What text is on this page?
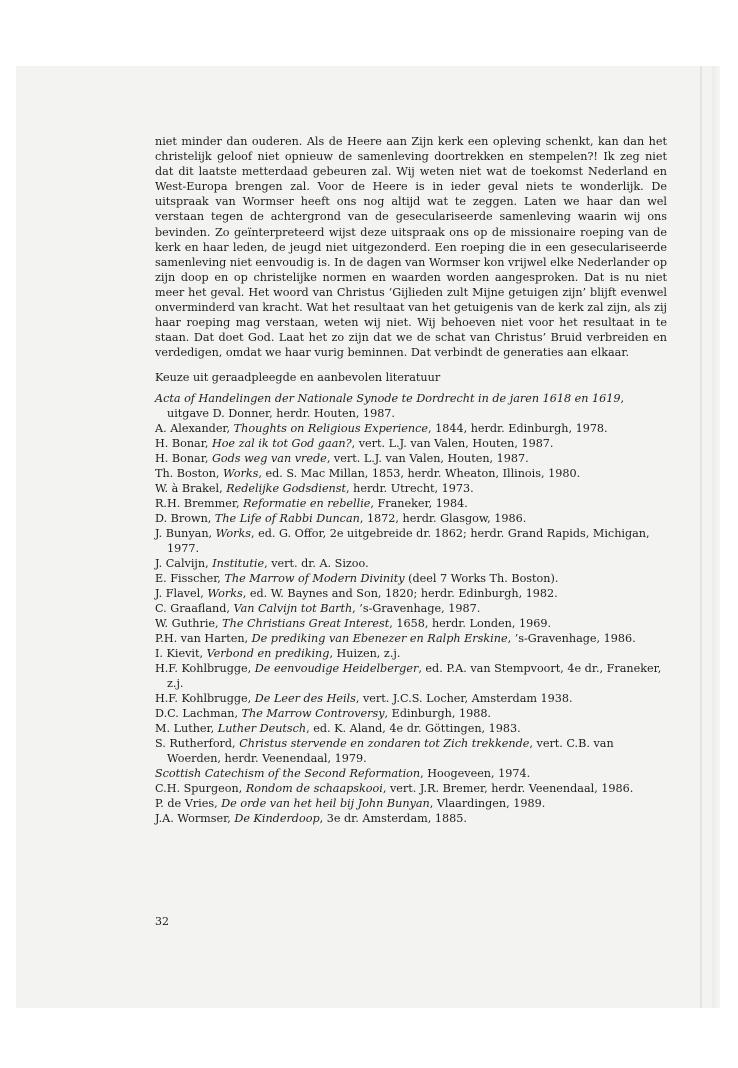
niet minder dan ouderen. Als de Heere aan Zijn kerk een opleving schenkt, kan dan het christelijk geloof niet opnieuw de samenleving doortrekken en stempelen?! Ik zeg niet dat dit laatste metterdaad gebeuren zal. Wij weten niet wat de toekomst Nederland en West-Europa brengen zal. Voor de Heere is in ieder geval niets te wonderlijk. De uitspraak van Wormser heeft ons nog altijd wat te zeggen. Laten we haar dan wel verstaan tegen de achtergrond van de geseculariseerde samenleving waarin wij ons bevinden. Zo geïnterpreteerd wijst deze uitspraak ons op de missionaire roeping van de kerk en haar leden, de jeugd niet uitgezonderd. Een roeping die in een geseculariseerde samenleving niet eenvoudig is. In de dagen van Wormser kon vrijwel elke Nederlander op zijn doop en op christelijke normen en waarden worden aangesproken. Dat is nu niet meer het geval. Het woord van Christus ‘Gijlieden zult Mijne getuigen zijn’ blijft evenwel onverminderd van kracht. Wat het resultaat van het getuigenis van de kerk zal zijn, als zij haar roeping mag verstaan, weten wij niet. Wij behoeven niet voor het resultaat in te staan. Dat doet God. Laat het zo zijn dat we de schat van Christus’ Bruid verbreiden en verdedigen, omdat we haar vurig beminnen. Dat verbindt de generaties aan elkaar.

Keuze uit geraadpleegde en aanbevolen literatuur
Acta of Handelingen der Nationale Synode te Dordrecht in de jaren 1618 en 1619, uitgave D. Donner, herdr. Houten, 1987.
A. Alexander, Thoughts on Religious Experience, 1844, herdr. Edinburgh, 1978.
H. Bonar, Hoe zal ik tot God gaan?, vert. L.J. van Valen, Houten, 1987.
H. Bonar, Gods weg van vrede, vert. L.J. van Valen, Houten, 1987.
Th. Boston, Works, ed. S. Mac Millan, 1853, herdr. Wheaton, Illinois, 1980.
W. à Brakel, Redelijke Godsdienst, herdr. Utrecht, 1973.
R.H. Bremmer, Reformatie en rebellie, Franeker, 1984.
D. Brown, The Life of Rabbi Duncan, 1872, herdr. Glasgow, 1986.
J. Bunyan, Works, ed. G. Offor, 2e uitgebreide dr. 1862; herdr. Grand Rapids, Michigan, 1977.
J. Calvijn, Institutie, vert. dr. A. Sizoo.
E. Fisscher, The Marrow of Modern Divinity (deel 7 Works Th. Boston).
J. Flavel, Works, ed. W. Baynes and Son, 1820; herdr. Edinburgh, 1982.
C. Graafland, Van Calvijn tot Barth, ’s-Gravenhage, 1987.
W. Guthrie, The Christians Great Interest, 1658, herdr. Londen, 1969.
P.H. van Harten, De prediking van Ebenezer en Ralph Erskine, ’s-Gravenhage, 1986.
I. Kievit, Verbond en prediking, Huizen, z.j.
H.F. Kohlbrugge, De eenvoudige Heidelberger, ed. P.A. van Stempvoort, 4e dr., Franeker, z.j.
H.F. Kohlbrugge, De Leer des Heils, vert. J.C.S. Locher, Amsterdam 1938.
D.C. Lachman, The Marrow Controversy, Edinburgh, 1988.
M. Luther, Luther Deutsch, ed. K. Aland, 4e dr. Göttingen, 1983.
S. Rutherford, Christus stervende en zondaren tot Zich trekkende, vert. C.B. van Woerden, herdr. Veenendaal, 1979.
Scottish Catechism of the Second Reformation, Hoogeveen, 1974.
C.H. Spurgeon, Rondom de schaapskooi, vert. J.R. Bremer, herdr. Veenendaal, 1986.
P. de Vries, De orde van het heil bij John Bunyan, Vlaardingen, 1989.
J.A. Wormser, De Kinderdoop, 3e dr. Amsterdam, 1885.
32
